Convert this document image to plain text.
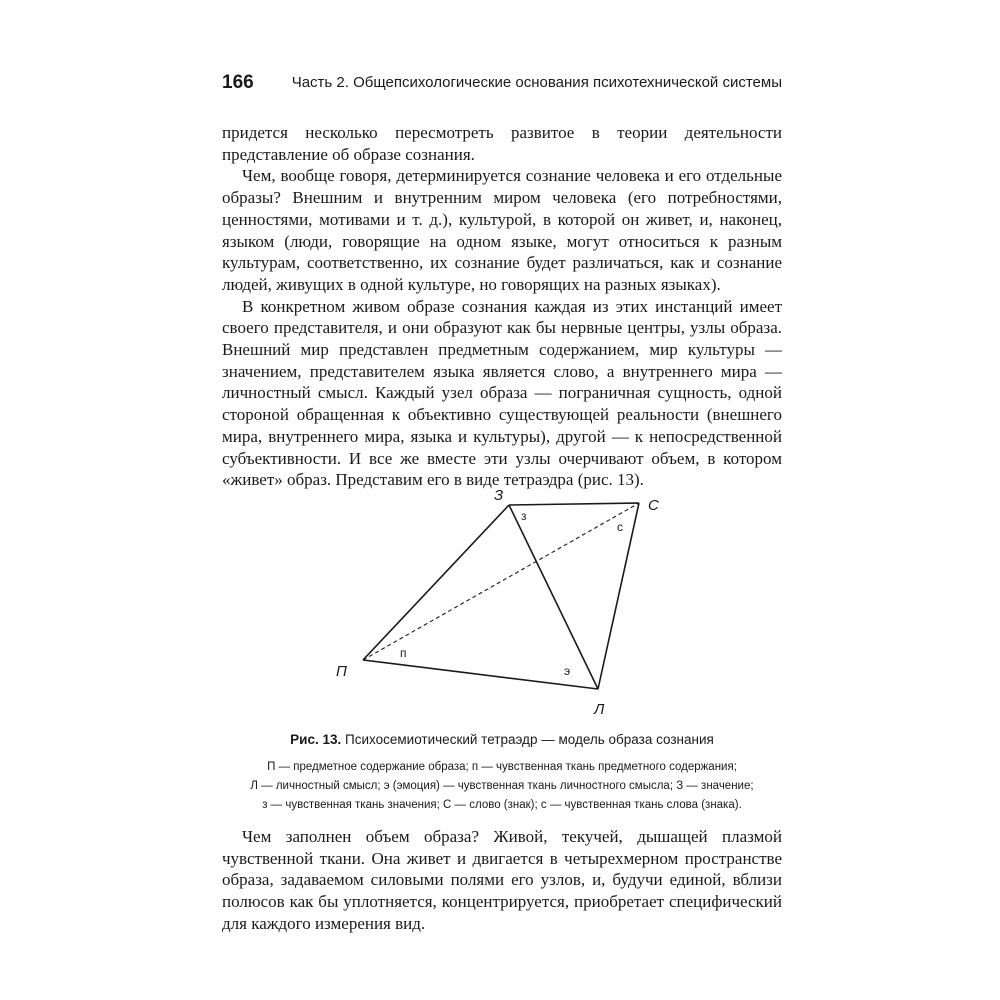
166	Часть 2. Общепсихологические основания психотехнической системы

придется несколько пересмотреть развитое в теории деятельности представление об образе сознания.

Чем, вообще говоря, детерминируется сознание человека и его отдельные образы? Внешним и внутренним миром человека (его потребностями, ценностями, мотивами и т. д.), культурой, в которой он живет, и, наконец, языком (люди, говорящие на одном языке, могут относиться к разным культурам, соответственно, их сознание будет различаться, как и сознание людей, живущих в одной культуре, но говорящих на разных языках).

В конкретном живом образе сознания каждая из этих инстанций имеет своего представителя, и они образуют как бы нервные центры, узлы образа. Внешний мир представлен предметным содержанием, мир культуры — значением, представителем языка является слово, а внутреннего мира — личностный смысл. Каждый узел образа — пограничная сущность, одной стороной обращенная к объективно существующей реальности (внешнего мира, внутреннего мира, языка и культуры), другой — к непосредственной субъективности. И все же вместе эти узлы очерчивают объем, в котором «живет» образ. Представим его в виде тетраэдра (рис. 13).

З
С
П
Л
з
с
п
э
Рис. 13. Психосемиотический тетраэдр — модель образа сознания
П — предметное содержание образа; п — чувственная ткань предметного содержания;
Л — личностный смысл; э (эмоция) — чувственная ткань личностного смысла; З — значение;
з — чувственная ткань значения; С — слово (знак); с — чувственная ткань слова (знака).

Чем заполнен объем образа? Живой, текучей, дышащей плазмой чувственной ткани. Она живет и двигается в четырехмерном пространстве образа, задаваемом силовыми полями его узлов, и, будучи единой, вблизи полюсов как бы уплотняется, концентрируется, приобретает специфический для каждого измерения вид.
